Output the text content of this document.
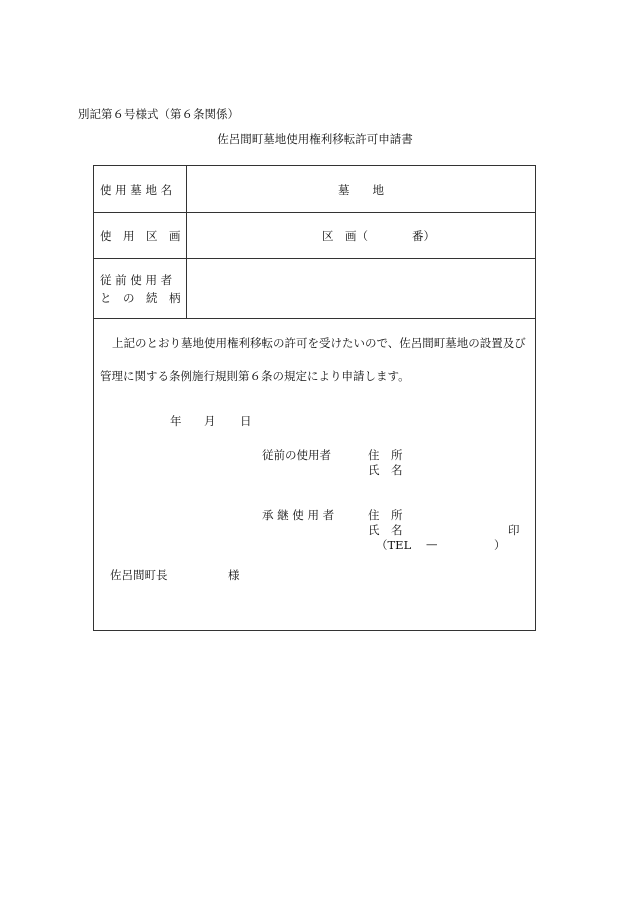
別記第６号様式（第６条関係）
佐呂間町墓地使用権利移転許可申請書
使 用 墓 地 名	墓　　地
使　用　区　画	区　画（	番）
従 前 使 用 者
と　の　続　柄
上記のとおり墓地使用権利移転の許可を受けたいので、佐呂間町墓地の設置及び
管理に関する条例施行規則第６条の規定により申請します。
年 月 日
従前の使用者	住　所
氏　名
承 継 使 用 者	住　所
氏　名	印
（TEL —	）
佐呂間町長	様
